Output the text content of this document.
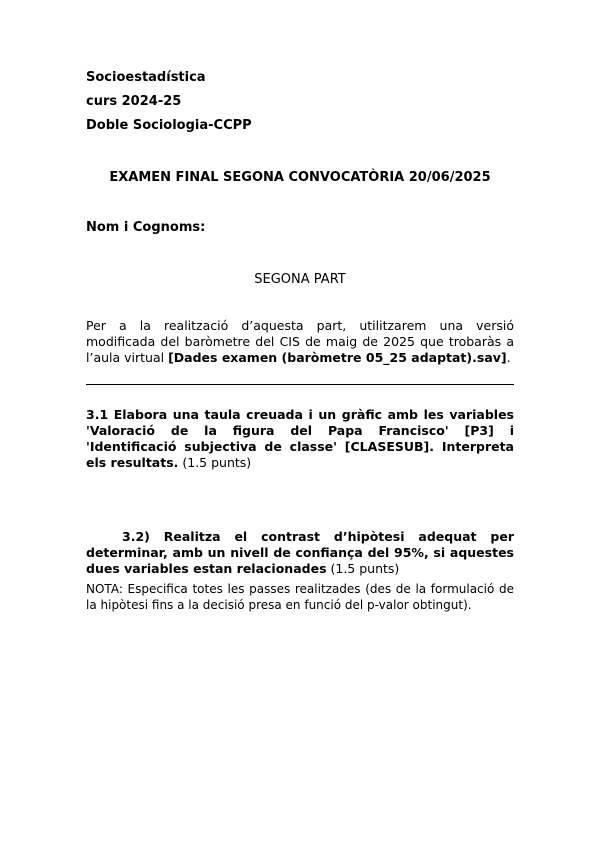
Socioestadística

curs 2024-25

Doble Sociologia-CCPP

EXAMEN FINAL SEGONA CONVOCATÒRIA 20/06/2025

Nom i Cognoms:

SEGONA PART

Per a la realització d’aquesta part, utilitzarem una versió modificada del baròmetre del CIS de maig de 2025 que trobaràs a l’aula virtual [Dades examen (baròmetre 05_25 adaptat).sav].

3.1 Elabora una taula creuada i un gràfic amb les variables 'Valoració de la figura del Papa Francisco' [P3] i 'Identificació subjectiva de classe' [CLASESUB]. Interpreta els resultats. (1.5 punts)

3.2) Realitza el contrast d’hipòtesi adequat per determinar, amb un nivell de confiança del 95%, si aquestes dues variables estan relacionades (1.5 punts)

NOTA: Especifica totes les passes realitzades (des de la formulació de la hipòtesi fins a la decisió presa en funció del p-valor obtingut).
